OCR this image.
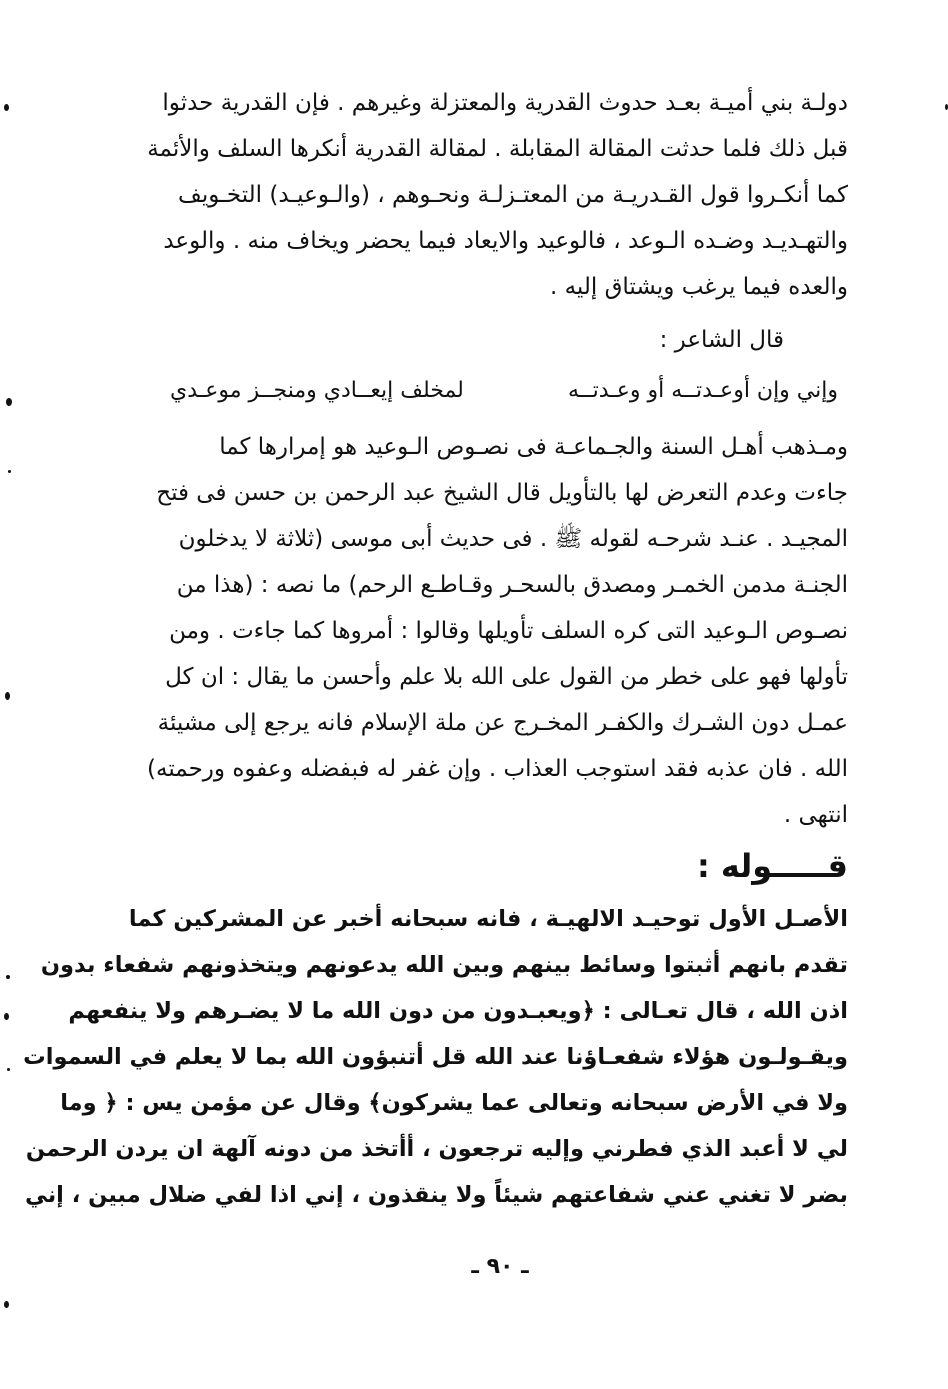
دولـة بني أميـة بعـد حدوث القدرية والمعتزلة وغيرهم . فإن القدرية حدثوا
قبل ذلك فلما حدثت المقالة المقابلة . لمقالة القدرية أنكرها السلف والأئمة
كما أنكـروا قول القـدريـة من المعتـزلـة ونحـوهم ، (والـوعيـد) التخـويف
والتهـديـد وضـده الـوعد ، فالوعيد والايعاد فيما يحضر ويخاف منه . والوعد
والعده فيما يرغب ويشتاق إليه .
قال الشاعر :
وإني وإن أوعـدتــه أو وعـدتــه
لمخلف إيعــادي ومنجــز موعـدي
ومـذهب أهـل السنة والجـماعـة فى نصـوص الـوعيد هو إمرارها كما
جاءت وعدم التعرض لها بالتأويل قال الشيخ عبد الرحمن بن حسن فى فتح
المجيـد . عنـد شرحـه لقوله ﷺ . فى حديث أبى موسى (ثلاثة لا يدخلون
الجنـة مدمن الخمـر ومصدق بالسحـر وقـاطـع الرحم) ما نصه : (هذا من
نصـوص الـوعيد التى كره السلف تأويلها وقالوا : أمروها كما جاءت . ومن
تأولها فهو على خطر من القول على الله بلا علم وأحسن ما يقال : ان كل
عمـل دون الشـرك والكفـر المخـرج عن ملة الإسلام فانه يرجع إلى مشيئة
الله . فان عذبه فقد استوجب العذاب . وإن غفر له فبفضله وعفوه ورحمته)
انتهى .
قـــــوله :
الأصـل الأول توحيـد الالهيـة ، فانه سبحانه أخبر عن المشركين كما
تقدم بانهم أثبتوا وسائط بينهم وبين الله يدعونهم ويتخذونهم شفعاء بدون
اذن الله ، قال تعـالى : ﴿ويعبـدون من دون الله ما لا يضـرهم ولا ينفعهم
ويقـولـون هؤلاء شفعـاؤنا عند الله قل أتنبؤون الله بما لا يعلم في السموات
ولا في الأرض سبحانه وتعالى عما يشركون﴾ وقال عن مؤمن يس : ﴿ وما
لي لا أعبد الذي فطرني وإليه ترجعون ، أأتخذ من دونه آلهة ان يردن الرحمن
بضر لا تغني عني شفاعتهم شيئاً ولا ينقذون ، إني اذا لفي ضلال مبين ، إني
ـ ٩٠ ـ
